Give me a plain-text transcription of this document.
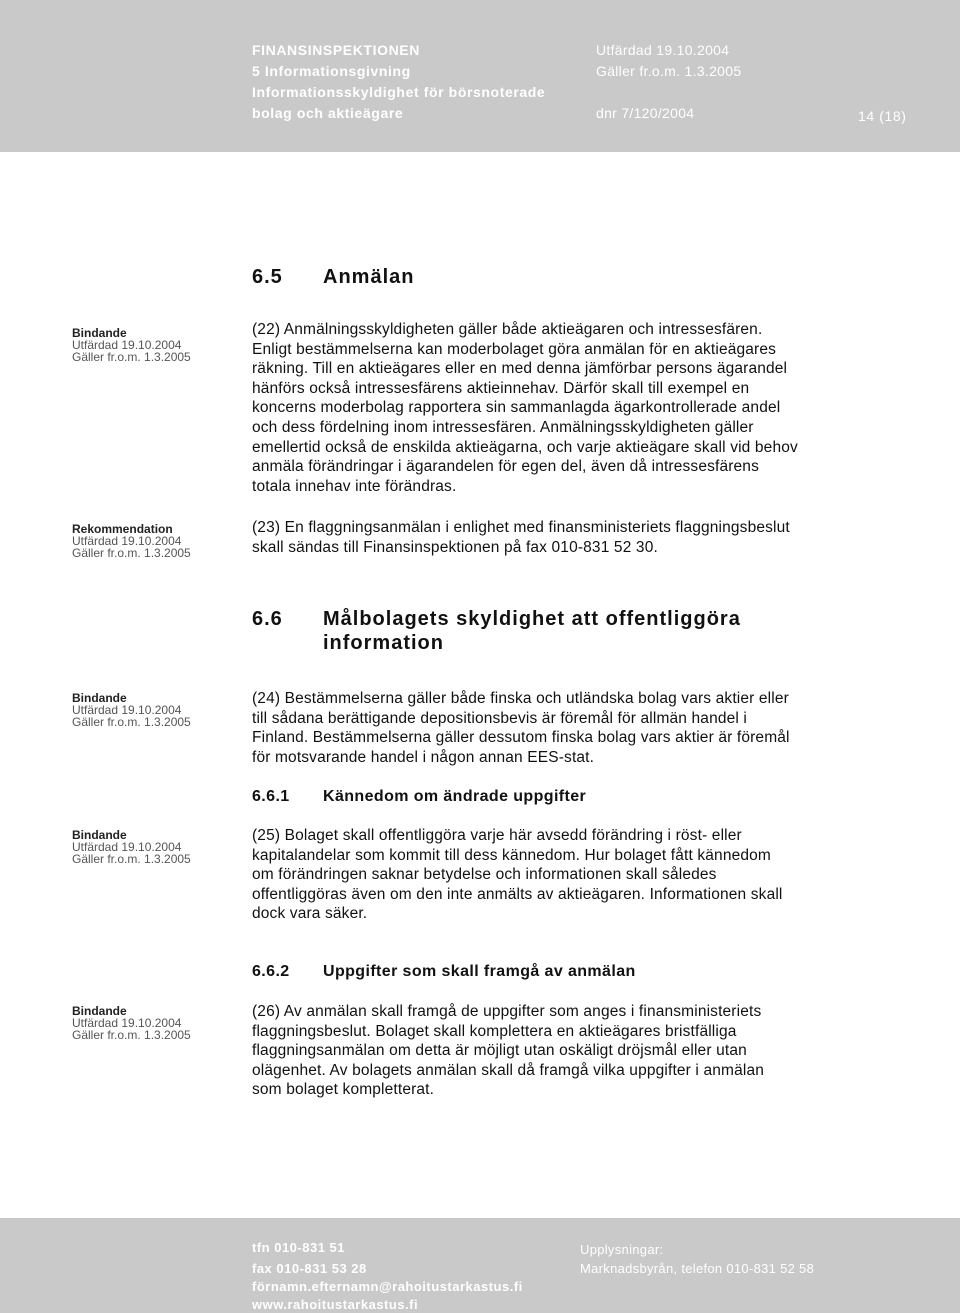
FINANSINSPEKTIONEN	Utfärdad 19.10.2004
5 Informationsgivning	Gäller fr.o.m. 1.3.2005
Informationsskyldighet för börsnoterade
bolag och aktieägare	dnr 7/120/2004	14 (18)
6.5 Anmälan
Bindande
Utfärdad 19.10.2004
Gäller fr.o.m. 1.3.2005
(22) Anmälningsskyldigheten gäller både aktieägaren och intressesfären.
Enligt bestämmelserna kan moderbolaget göra anmälan för en aktieägares
räkning. Till en aktieägares eller en med denna jämförbar persons ägarandel
hänförs också intressesfärens aktieinnehav. Därför skall till exempel en
koncerns moderbolag rapportera sin sammanlagda ägarkontrollerade andel
och dess fördelning inom intressesfären. Anmälningsskyldigheten gäller
emellertid också de enskilda aktieägarna, och varje aktieägare skall vid behov
anmäla förändringar i ägarandelen för egen del, även då intressesfärens
totala innehav inte förändras.
Rekommendation
Utfärdad 19.10.2004
Gäller fr.o.m. 1.3.2005
(23) En flaggningsanmälan i enlighet med finansministeriets flaggningsbeslut
skall sändas till Finansinspektionen på fax 010-831 52 30.
6.6 Målbolagets skyldighet att offentliggöra
information
Bindande
Utfärdad 19.10.2004
Gäller fr.o.m. 1.3.2005
(24) Bestämmelserna gäller både finska och utländska bolag vars aktier eller
till sådana berättigande depositionsbevis är föremål för allmän handel i
Finland. Bestämmelserna gäller dessutom finska bolag vars aktier är föremål
för motsvarande handel i någon annan EES-stat.
6.6.1 Kännedom om ändrade uppgifter
Bindande
Utfärdad 19.10.2004
Gäller fr.o.m. 1.3.2005
(25) Bolaget skall offentliggöra varje här avsedd förändring i röst- eller
kapitalandelar som kommit till dess kännedom. Hur bolaget fått kännedom
om förändringen saknar betydelse och informationen skall således
offentliggöras även om den inte anmälts av aktieägaren. Informationen skall
dock vara säker.
6.6.2 Uppgifter som skall framgå av anmälan
Bindande
Utfärdad 19.10.2004
Gäller fr.o.m. 1.3.2005
(26) Av anmälan skall framgå de uppgifter som anges i finansministeriets
flaggningsbeslut. Bolaget skall komplettera en aktieägares bristfälliga
flaggningsanmälan om detta är möjligt utan oskäligt dröjsmål eller utan
olägenhet. Av bolagets anmälan skall då framgå vilka uppgifter i anmälan
som bolaget kompletterat.
tfn 010-831 51
fax 010-831 53 28
förnamn.efternamn@rahoitustarkastus.fi
www.rahoitustarkastus.fi
Upplysningar:
Marknadsbyrån, telefon 010-831 52 58
